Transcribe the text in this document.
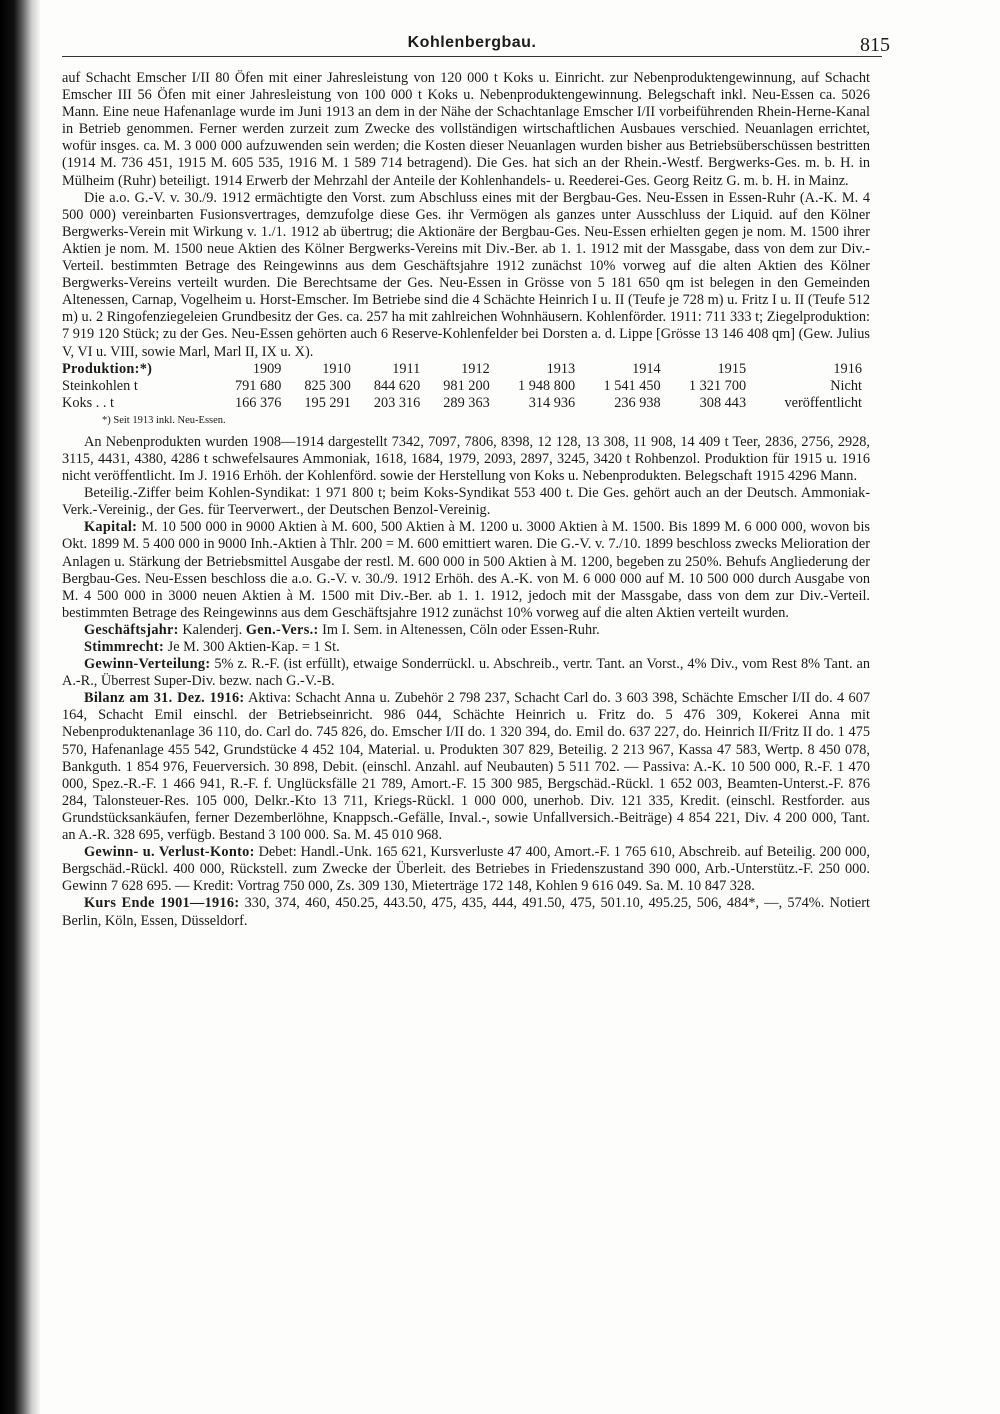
Kohlenbergbau.	815

auf Schacht Emscher I/II 80 Öfen mit einer Jahresleistung von 120 000 t Koks u. Einricht. zur Nebenproduktengewinnung, auf Schacht Emscher III 56 Öfen mit einer Jahresleistung von 100 000 t Koks u. Nebenproduktengewinnung. Belegschaft inkl. Neu-Essen ca. 5026 Mann. Eine neue Hafenanlage wurde im Juni 1913 an dem in der Nähe der Schachtanlage Emscher I/II vorbeiführenden Rhein-Herne-Kanal in Betrieb genommen. Ferner werden zurzeit zum Zwecke des vollständigen wirtschaftlichen Ausbaues verschied. Neuanlagen errichtet, wofür insges. ca. M. 3 000 000 aufzuwenden sein werden; die Kosten dieser Neuanlagen wurden bisher aus Betriebsüberschüssen bestritten (1914 M. 736 451, 1915 M. 605 535, 1916 M. 1 589 714 betragend). Die Ges. hat sich an der Rhein.-Westf. Bergwerks-Ges. m. b. H. in Mülheim (Ruhr) beteiligt. 1914 Erwerb der Mehrzahl der Anteile der Kohlenhandels- u. Reederei-Ges. Georg Reitz G. m. b. H. in Mainz.

Die a.o. G.-V. v. 30./9. 1912 ermächtigte den Vorst. zum Abschluss eines mit der Bergbau-Ges. Neu-Essen in Essen-Ruhr (A.-K. M. 4 500 000) vereinbarten Fusionsvertrages, demzufolge diese Ges. ihr Vermögen als ganzes unter Ausschluss der Liquid. auf den Kölner Bergwerks-Verein mit Wirkung v. 1./1. 1912 ab übertrug; die Aktionäre der Bergbau-Ges. Neu-Essen erhielten gegen je nom. M. 1500 ihrer Aktien je nom. M. 1500 neue Aktien des Kölner Bergwerks-Vereins mit Div.-Ber. ab 1. 1. 1912 mit der Massgabe, dass von dem zur Div.-Verteil. bestimmten Betrage des Reingewinns aus dem Geschäftsjahre 1912 zunächst 10% vorweg auf die alten Aktien des Kölner Bergwerks-Vereins verteilt wurden. Die Berechtsame der Ges. Neu-Essen in Grösse von 5 181 650 qm ist belegen in den Gemeinden Altenessen, Carnap, Vogelheim u. Horst-Emscher. Im Betriebe sind die 4 Schächte Heinrich I u. II (Teufe je 728 m) u. Fritz I u. II (Teufe 512 m) u. 2 Ringofenziegeleien Grundbesitz der Ges. ca. 257 ha mit zahlreichen Wohnhäusern. Kohlenförder. 1911: 711 333 t; Ziegelproduktion: 7 919 120 Stück; zu der Ges. Neu-Essen gehörten auch 6 Reserve-Kohlenfelder bei Dorsten a. d. Lippe [Grösse 13 146 408 qm] (Gew. Julius V, VI u. VIII, sowie Marl, Marl II, IX u. X).

Produktion:*)	1909	1910	1911	1912	1913	1914	1915	1916
Steinkohlen t	791 680	825 300	844 620	981 200	1 948 800	1 541 450	1 321 700	Nicht
Koks . . t	166 376	195 291	203 316	289 363	314 936	236 938	308 443	veröffentlicht

*) Seit 1913 inkl. Neu-Essen.

An Nebenprodukten wurden 1908—1914 dargestellt 7342, 7097, 7806, 8398, 12 128, 13 308, 11 908, 14 409 t Teer, 2836, 2756, 2928, 3115, 4431, 4380, 4286 t schwefelsaures Ammoniak, 1618, 1684, 1979, 2093, 2897, 3245, 3420 t Rohbenzol. Produktion für 1915 u. 1916 nicht veröffentlicht. Im J. 1916 Erhöh. der Kohlenförd. sowie der Herstellung von Koks u. Nebenprodukten. Belegschaft 1915 4296 Mann.

Beteilig.-Ziffer beim Kohlen-Syndikat: 1 971 800 t; beim Koks-Syndikat 553 400 t. Die Ges. gehört auch an der Deutsch. Ammoniak-Verk.-Vereinig., der Ges. für Teerverwert., der Deutschen Benzol-Vereinig.

Kapital: M. 10 500 000 in 9000 Aktien à M. 600, 500 Aktien à M. 1200 u. 3000 Aktien à M. 1500. Bis 1899 M. 6 000 000, wovon bis Okt. 1899 M. 5 400 000 in 9000 Inh.-Aktien à Thlr. 200 = M. 600 emittiert waren. Die G.-V. v. 7./10. 1899 beschloss zwecks Melioration der Anlagen u. Stärkung der Betriebsmittel Ausgabe der restl. M. 600 000 in 500 Aktien à M. 1200, begeben zu 250%. Behufs Angliederung der Bergbau-Ges. Neu-Essen beschloss die a.o. G.-V. v. 30./9. 1912 Erhöh. des A.-K. von M. 6 000 000 auf M. 10 500 000 durch Ausgabe von M. 4 500 000 in 3000 neuen Aktien à M. 1500 mit Div.-Ber. ab 1. 1. 1912, jedoch mit der Massgabe, dass von dem zur Div.-Verteil. bestimmten Betrage des Reingewinns aus dem Geschäftsjahre 1912 zunächst 10% vorweg auf die alten Aktien verteilt wurden.

Geschäftsjahr: Kalenderj. Gen.-Vers.: Im I. Sem. in Altenessen, Cöln oder Essen-Ruhr.

Stimmrecht: Je M. 300 Aktien-Kap. = 1 St.

Gewinn-Verteilung: 5% z. R.-F. (ist erfüllt), etwaige Sonderrückl. u. Abschreib., vertr. Tant. an Vorst., 4% Div., vom Rest 8% Tant. an A.-R., Überrest Super-Div. bezw. nach G.-V.-B.

Bilanz am 31. Dez. 1916: Aktiva: Schacht Anna u. Zubehör 2 798 237, Schacht Carl do. 3 603 398, Schächte Emscher I/II do. 4 607 164, Schacht Emil einschl. der Betriebseinricht. 986 044, Schächte Heinrich u. Fritz do. 5 476 309, Kokerei Anna mit Nebenproduktenanlage 36 110, do. Carl do. 745 826, do. Emscher I/II do. 1 320 394, do. Emil do. 637 227, do. Heinrich II/Fritz II do. 1 475 570, Hafenanlage 455 542, Grundstücke 4 452 104, Material. u. Produkten 307 829, Beteilig. 2 213 967, Kassa 47 583, Wertp. 8 450 078, Bankguth. 1 854 976, Feuerversich. 30 898, Debit. (einschl. Anzahl. auf Neubauten) 5 511 702. — Passiva: A.-K. 10 500 000, R.-F. 1 470 000, Spez.-R.-F. 1 466 941, R.-F. f. Unglücksfälle 21 789, Amort.-F. 15 300 985, Bergschäd.-Rückl. 1 652 003, Beamten-Unterst.-F. 876 284, Talonsteuer-Res. 105 000, Delkr.-Kto 13 711, Kriegs-Rückl. 1 000 000, unerhob. Div. 121 335, Kredit. (einschl. Restforder. aus Grundstücksankäufen, ferner Dezemberlöhne, Knappsch.-Gefälle, Inval.-, sowie Unfallversich.-Beiträge) 4 854 221, Div. 4 200 000, Tant. an A.-R. 328 695, verfügb. Bestand 3 100 000. Sa. M. 45 010 968.

Gewinn- u. Verlust-Konto: Debet: Handl.-Unk. 165 621, Kursverluste 47 400, Amort.-F. 1 765 610, Abschreib. auf Beteilig. 200 000, Bergschäd.-Rückl. 400 000, Rückstell. zum Zwecke der Überleit. des Betriebes in Friedenszustand 390 000, Arb.-Unterstütz.-F. 250 000. Gewinn 7 628 695. — Kredit: Vortrag 750 000, Zs. 309 130, Mieterträge 172 148, Kohlen 9 616 049. Sa. M. 10 847 328.

Kurs Ende 1901—1916: 330, 374, 460, 450.25, 443.50, 475, 435, 444, 491.50, 475, 501.10, 495.25, 506, 484*, —, 574%. Notiert Berlin, Köln, Essen, Düsseldorf.
